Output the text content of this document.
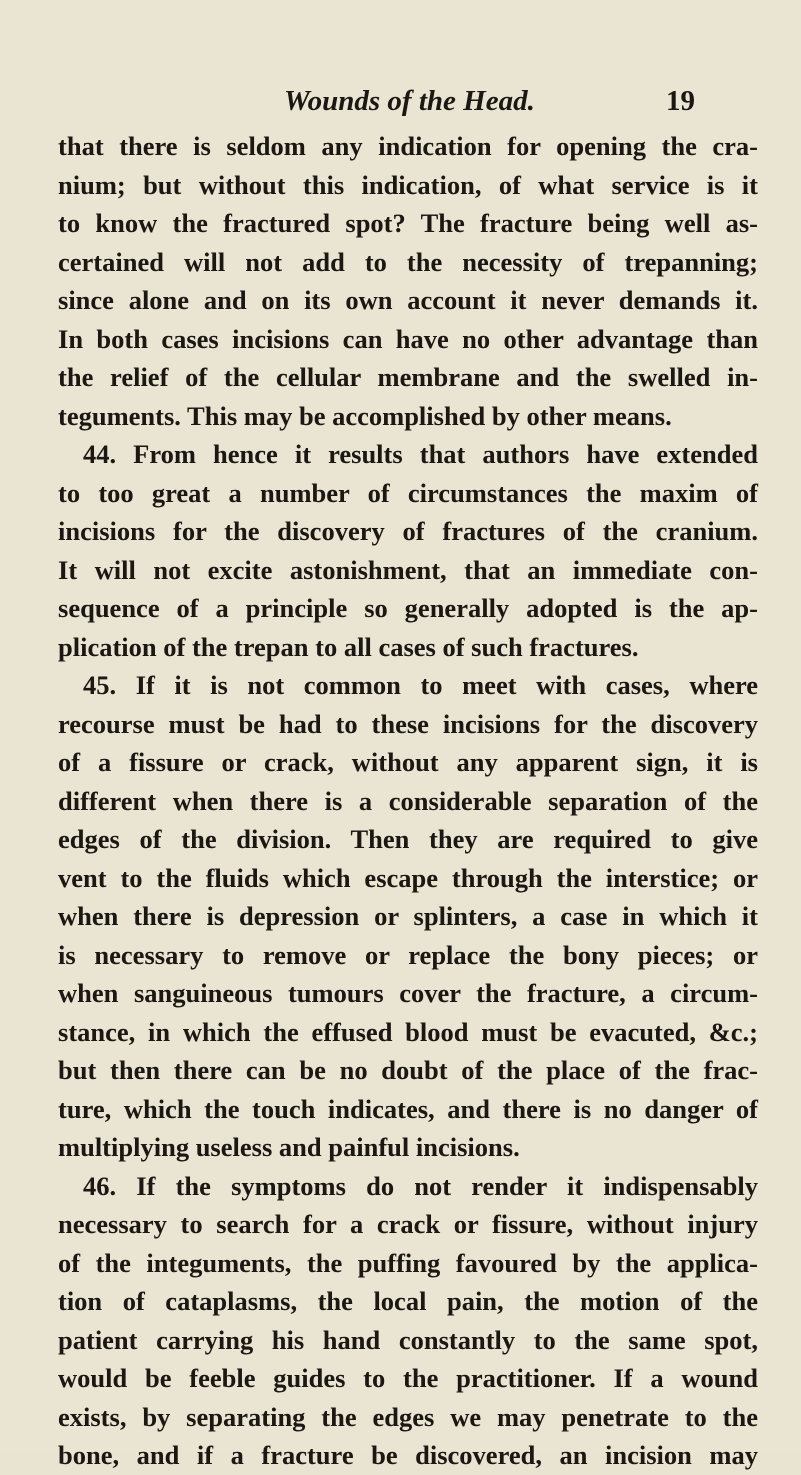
Wounds of the Head.	19
that there is seldom any indication for opening the cra-
nium; but without this indication, of what service is it
to know the fractured spot? The fracture being well as-
certained will not add to the necessity of trepanning;
since alone and on its own account it never demands it.
In both cases incisions can have no other advantage than
the relief of the cellular membrane and the swelled in-
teguments. This may be accomplished by other means.
44. From hence it results that authors have extended
to too great a number of circumstances the maxim of
incisions for the discovery of fractures of the cranium.
It will not excite astonishment, that an immediate con-
sequence of a principle so generally adopted is the ap-
plication of the trepan to all cases of such fractures.
45. If it is not common to meet with cases, where
recourse must be had to these incisions for the discovery
of a fissure or crack, without any apparent sign, it is
different when there is a considerable separation of the
edges of the division. Then they are required to give
vent to the fluids which escape through the interstice; or
when there is depression or splinters, a case in which it
is necessary to remove or replace the bony pieces; or
when sanguineous tumours cover the fracture, a circum-
stance, in which the effused blood must be evacuted, &c.;
but then there can be no doubt of the place of the frac-
ture, which the touch indicates, and there is no danger of
multiplying useless and painful incisions.
46. If the symptoms do not render it indispensably
necessary to search for a crack or fissure, without injury
of the integuments, the puffing favoured by the applica-
tion of cataplasms, the local pain, the motion of the
patient carrying his hand constantly to the same spot,
would be feeble guides to the practitioner. If a wound
exists, by separating the edges we may penetrate to the
bone, and if a fracture be discovered, an incision may
